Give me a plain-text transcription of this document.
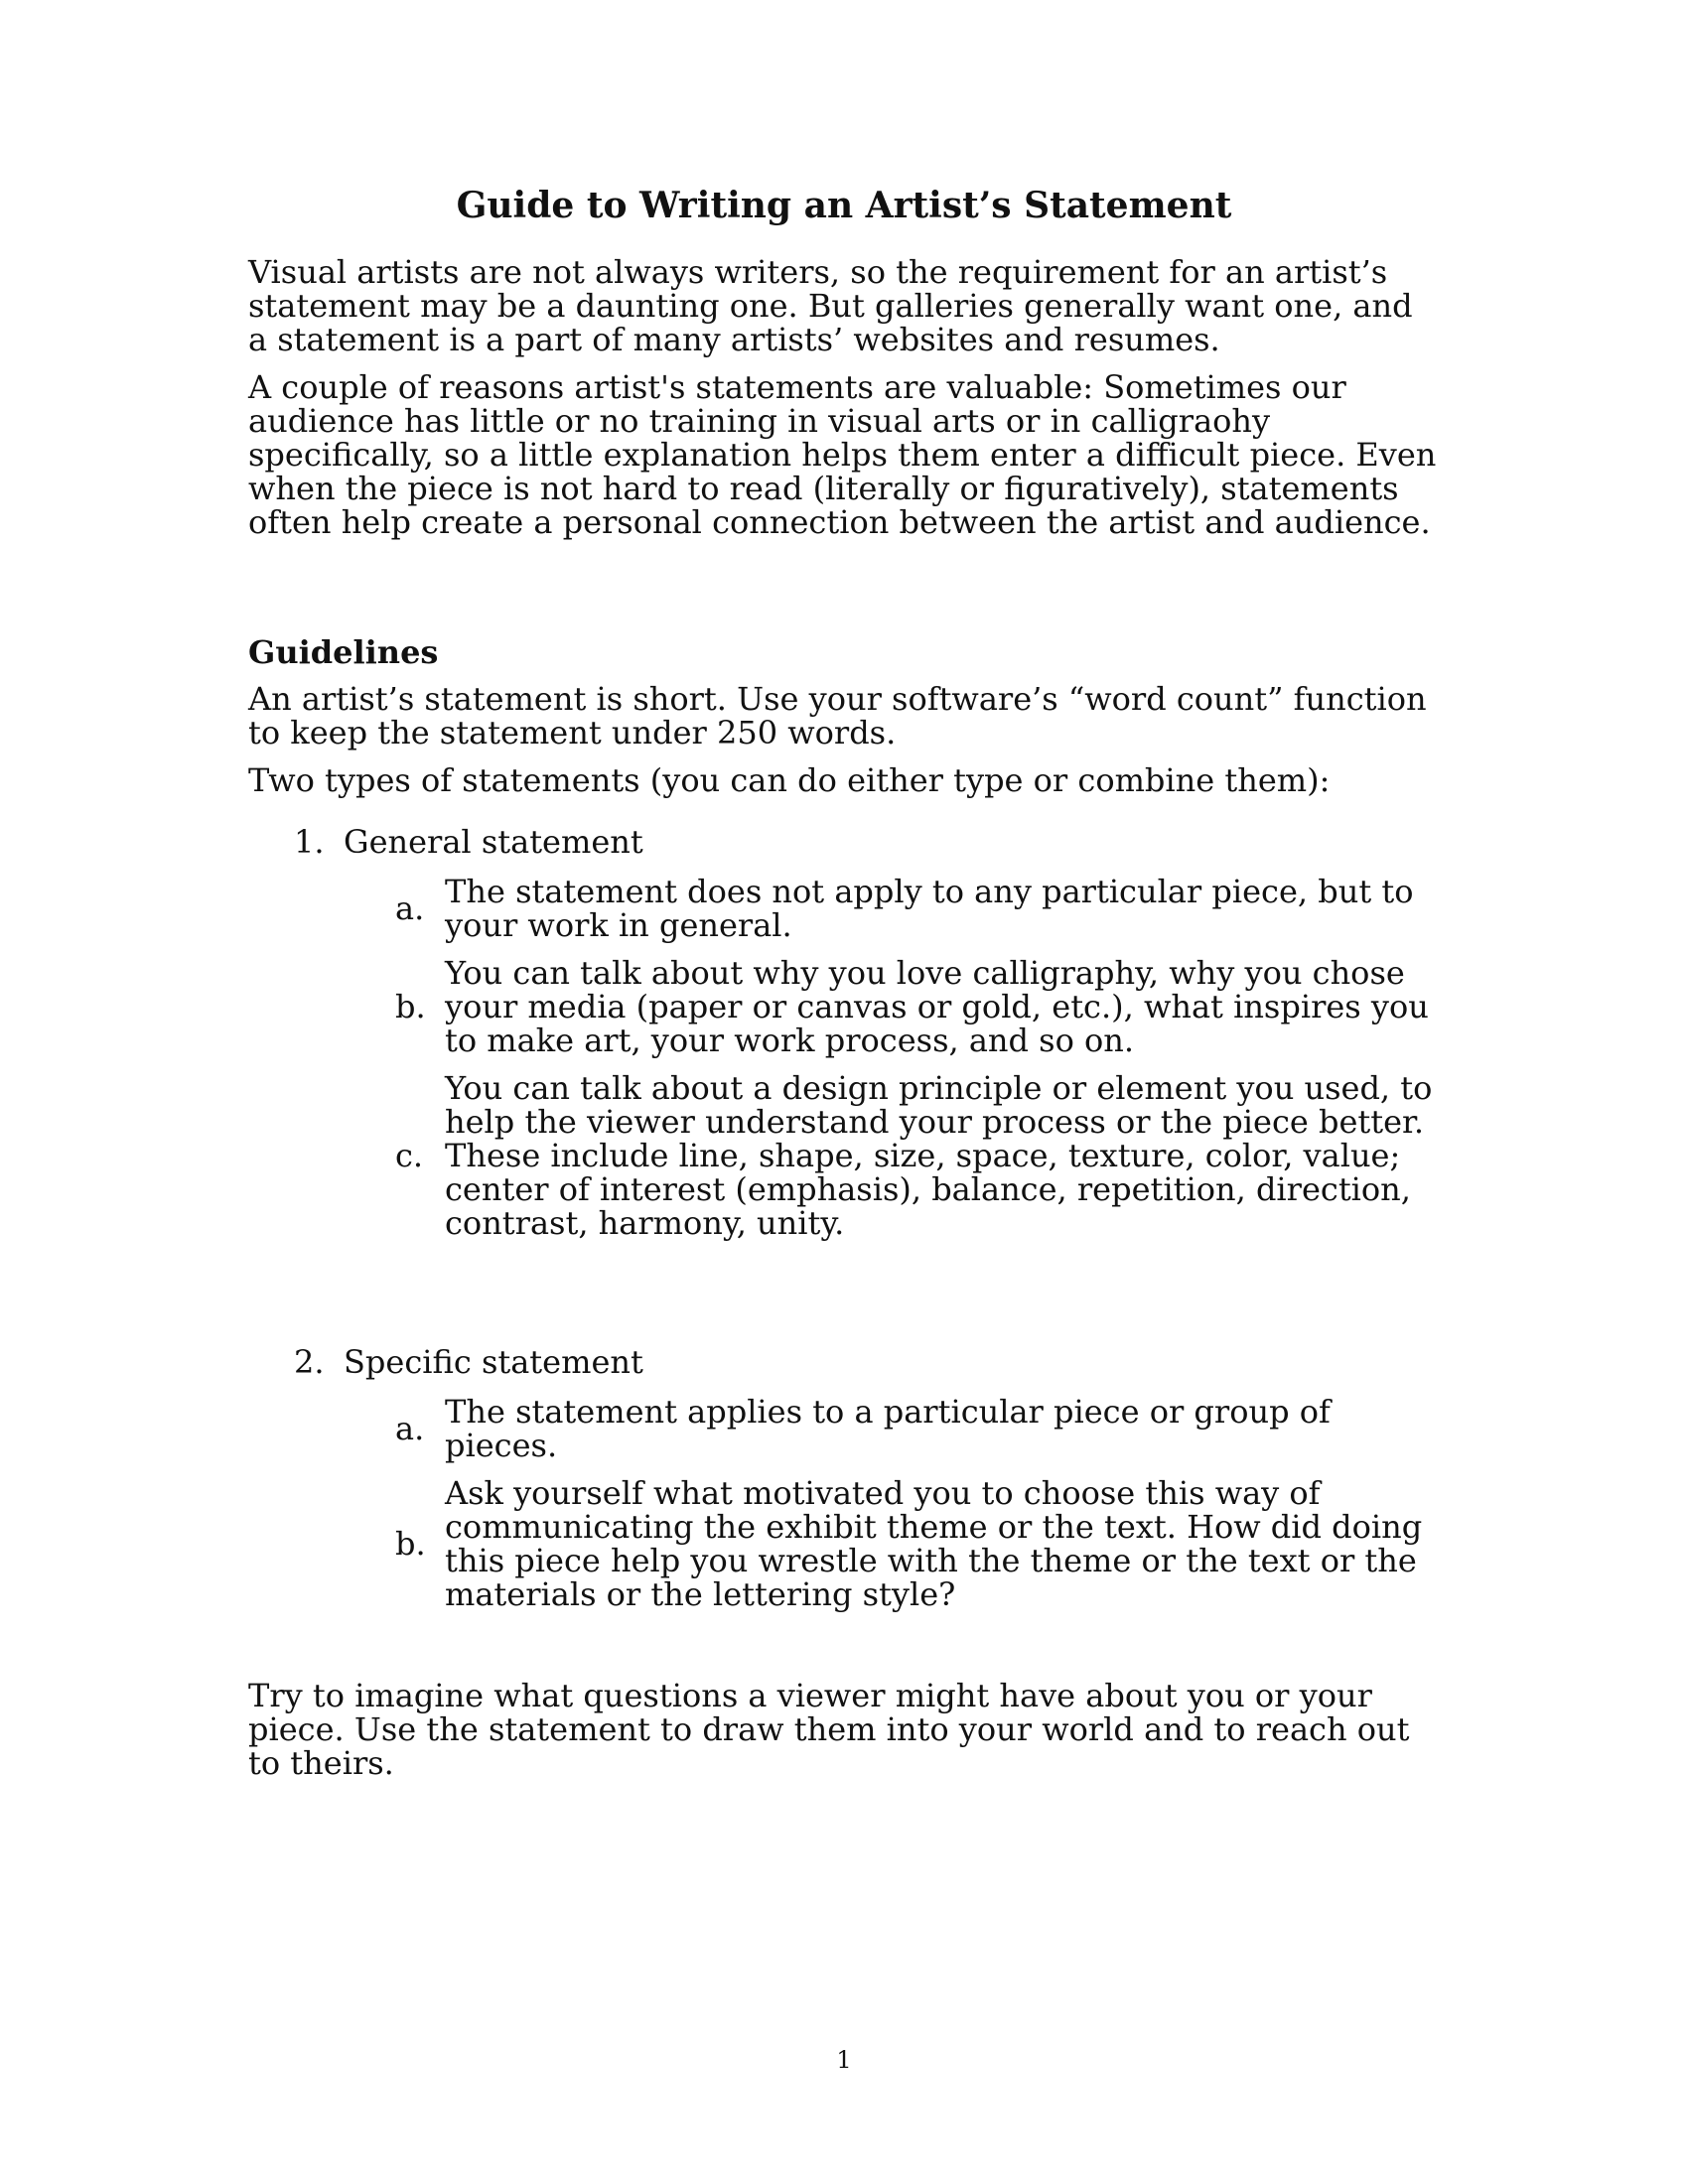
Guide to Writing an Artist’s Statement

Visual artists are not always writers, so the requirement for an artist’s statement may be a daunting one. But galleries generally want one, and a statement is a part of many artists’ websites and resumes.

A couple of reasons artist's statements are valuable: Sometimes our audience has little or no training in visual arts or in calligraohy specifically, so a little explanation helps them enter a difficult piece. Even when the piece is not hard to read (literally or figuratively), statements often help create a personal connection between the artist and audience.

Guidelines

An artist’s statement is short. Use your software’s “word count” function to keep the statement under 250 words.

Two types of statements (you can do either type or combine them):

1. General statement
a. The statement does not apply to any particular piece, but to your work in general.
b.
You can talk about why you love calligraphy, why you chose your media (paper or canvas or gold, etc.), what inspires you to make art, your work process, and so on.
c.
You can talk about a design principle or element you used, to help the viewer understand your process or the piece better. These include line, shape, size, space, texture, color, value; center of interest (emphasis), balance, repetition, direction, contrast, harmony, unity.
2. Specific statement
a. The statement applies to a particular piece or group of pieces.
b.
Ask yourself what motivated you to choose this way of communicating the exhibit theme or the text. How did doing this piece help you wrestle with the theme or the text or the materials or the lettering style?

Try to imagine what questions a viewer might have about you or your piece. Use the statement to draw them into your world and to reach out to theirs.

1
